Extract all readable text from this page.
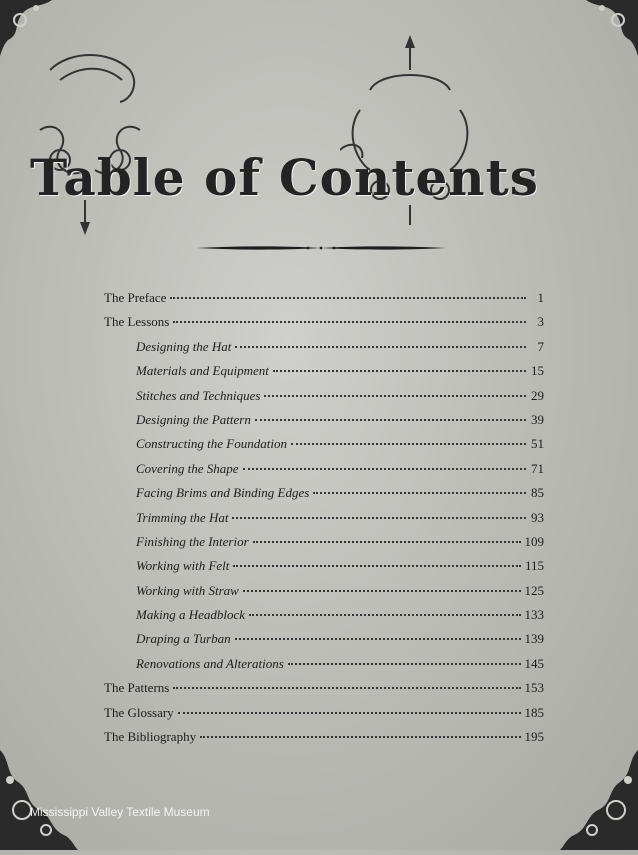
Table of Contents
The Preface	1
The Lessons	3
Designing the Hat	7
Materials and Equipment	15
Stitches and Techniques	29
Designing the Pattern	39
Constructing the Foundation	51
Covering the Shape	71
Facing Brims and Binding Edges	85
Trimming the Hat	93
Finishing the Interior	109
Working with Felt	115
Working with Straw	125
Making a Headblock	133
Draping a Turban	139
Renovations and Alterations	145
The Patterns	153
The Glossary	185
The Bibliography	195
Mississippi Valley Textile Museum
